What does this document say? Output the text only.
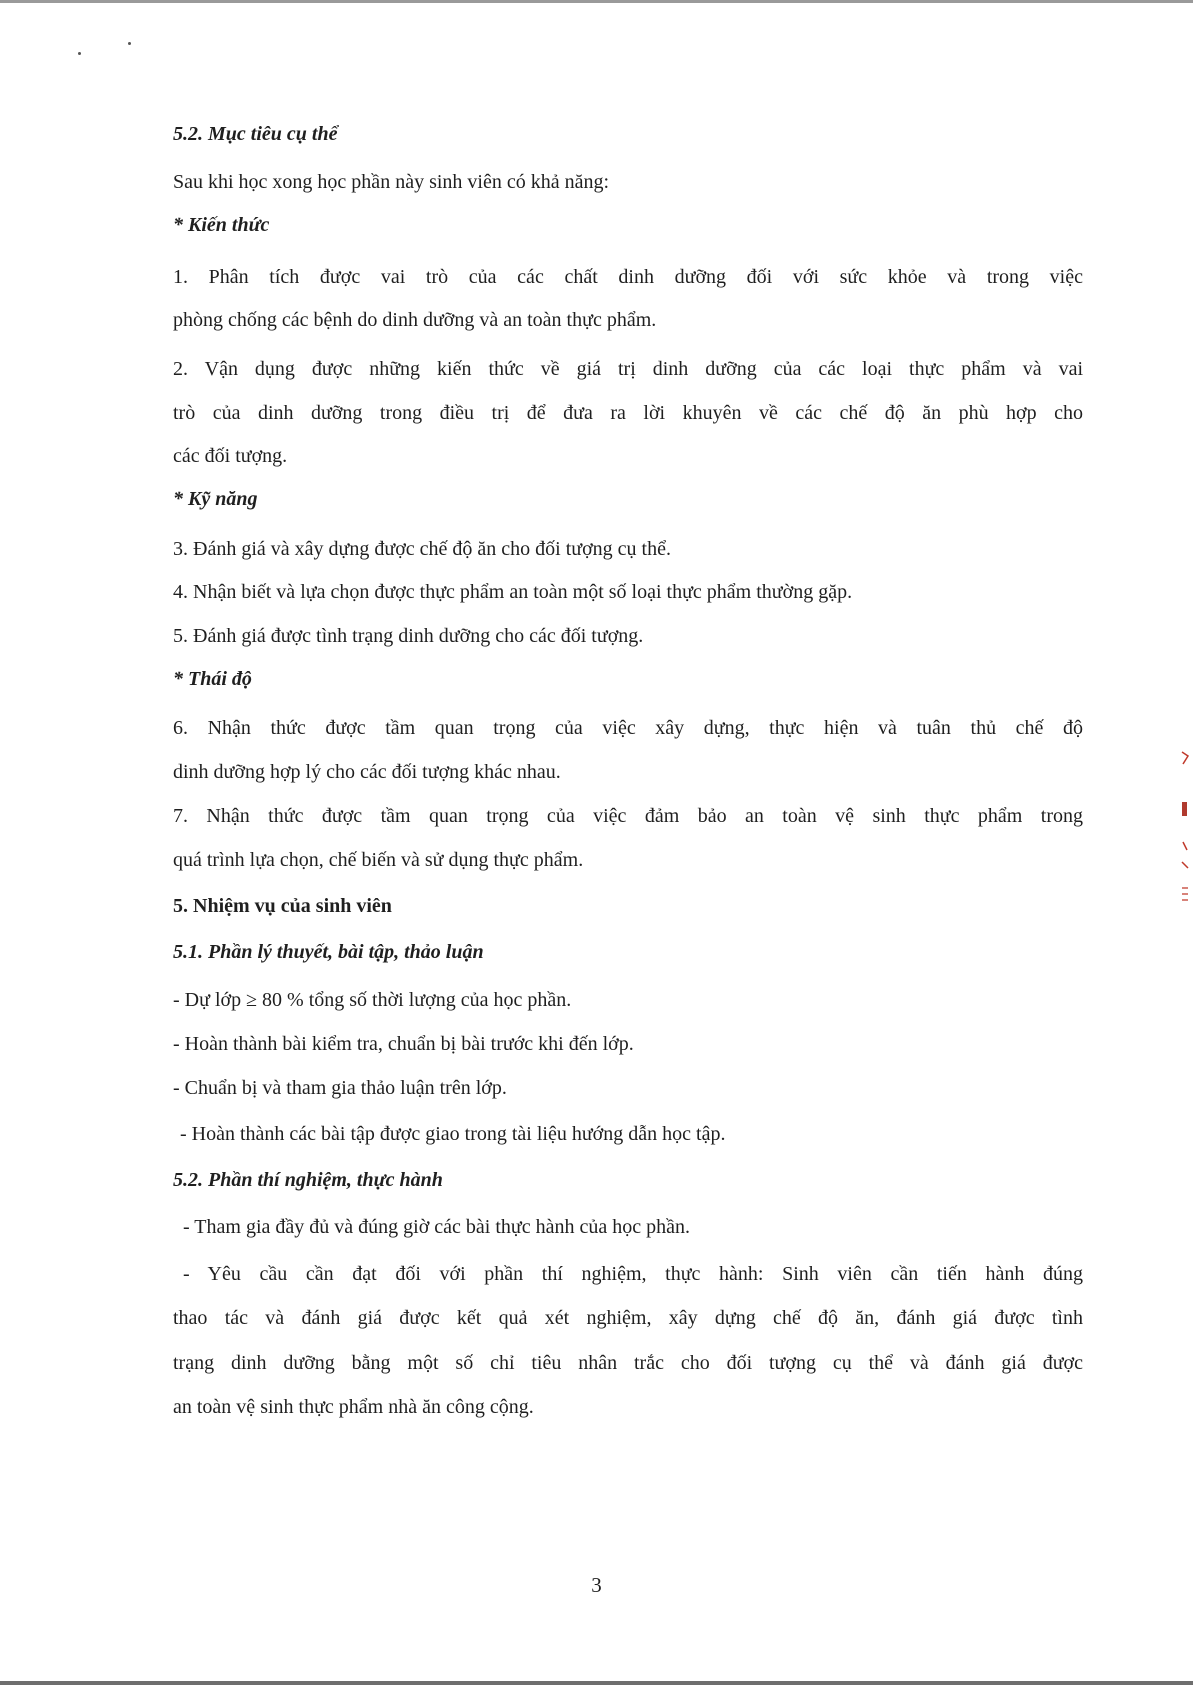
5.2. Mục tiêu cụ thể

Sau khi học xong học phần này sinh viên có khả năng:

* Kiến thức

1. Phân tích được vai trò của các chất dinh dưỡng đối với sức khỏe và trong việc

phòng chống các bệnh do dinh dưỡng và an toàn thực phẩm.

2. Vận dụng được những kiến thức về giá trị dinh dưỡng của các loại thực phẩm và vai

trò của dinh dưỡng trong điều trị để đưa ra lời khuyên về các chế độ ăn phù hợp cho

các đối tượng.

* Kỹ năng

3. Đánh giá và xây dựng được chế độ ăn cho đối tượng cụ thể.

4. Nhận biết và lựa chọn được thực phẩm an toàn một số loại thực phẩm thường gặp.

5. Đánh giá được tình trạng dinh dưỡng cho các đối tượng.

* Thái độ

6. Nhận thức được tầm quan trọng của việc xây dựng, thực hiện và tuân thủ chế độ

dinh dưỡng hợp lý cho các đối tượng khác nhau.

7. Nhận thức được tầm quan trọng của việc đảm bảo an toàn vệ sinh thực phẩm trong

quá trình lựa chọn, chế biến và sử dụng thực phẩm.

5. Nhiệm vụ của sinh viên

5.1. Phần lý thuyết, bài tập, thảo luận

- Dự lớp ≥ 80 % tổng số thời lượng của học phần.

- Hoàn thành bài kiểm tra, chuẩn bị bài trước khi đến lớp.

- Chuẩn bị và tham gia thảo luận trên lớp.

- Hoàn thành các bài tập được giao trong tài liệu hướng dẫn học tập.

5.2. Phần thí nghiệm, thực hành

- Tham gia đầy đủ và đúng giờ các bài thực hành của học phần.

- Yêu cầu cần đạt đối với phần thí nghiệm, thực hành: Sinh viên cần tiến hành đúng

thao tác và đánh giá được kết quả xét nghiệm, xây dựng chế độ ăn, đánh giá được tình

trạng dinh dưỡng bằng một số chỉ tiêu nhân trắc cho đối tượng cụ thể và đánh giá được

an toàn vệ sinh thực phẩm nhà ăn công cộng.

3
